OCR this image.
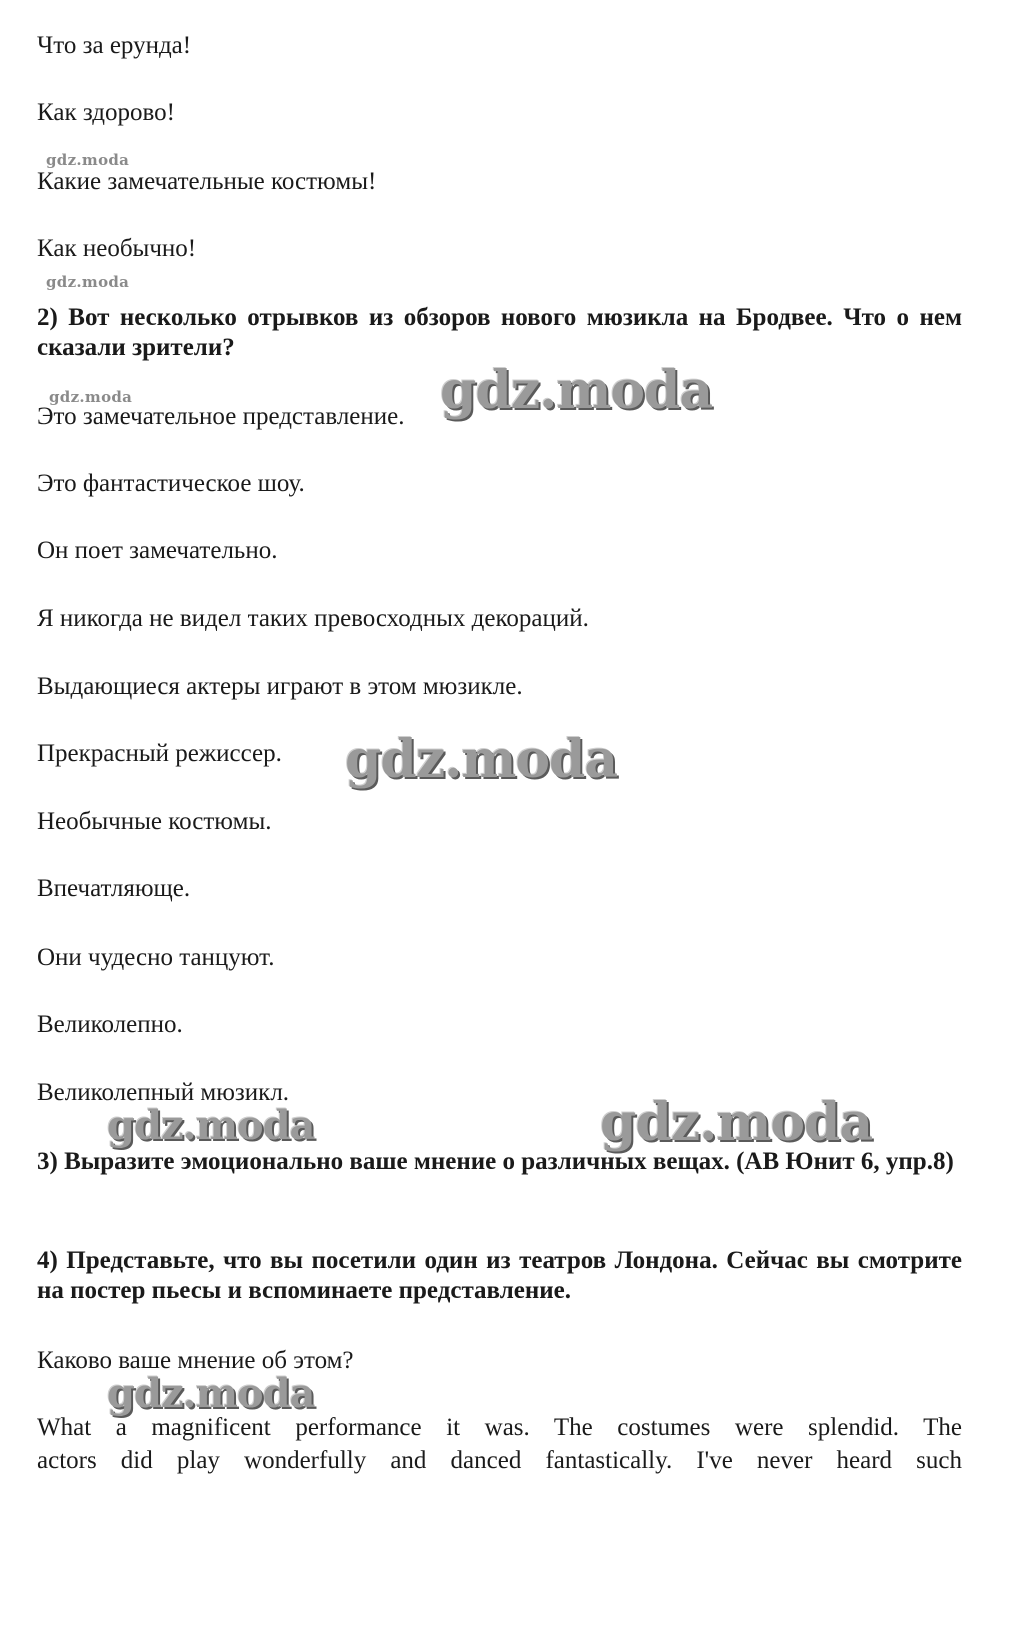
Что за ерунда!
Как здорово!
gdz.moda
Какие замечательные костюмы!
Как необычно!
gdz.moda
2) Вот несколько отрывков из обзоров нового мюзикла на Бродвее. Что о нем сказали зрители?
gdz.moda	gdz.moda
Это замечательное представление.
Это фантастическое шоу.
Он поет замечательно.
Я никогда не видел таких превосходных декораций.
Выдающиеся актеры играют в этом мюзикле.
Прекрасный режиссер. gdz.moda
Необычные костюмы.
Впечатляюще.
Они чудесно танцуют.
Великолепно.
Великолепный мюзикл.
gdz.moda	gdz.moda
3) Выразите эмоционально ваше мнение о различных вещах. (AB Юнит 6, упр.8)
4) Представьте, что вы посетили один из театров Лондона. Сейчас вы смотрите на постер пьесы и вспоминаете представление.
Каково ваше мнение об этом?
gdz.moda
What a magnificent performance it was. The costumes were splendid. The
actors did play wonderfully and danced fantastically. I've never heard such
